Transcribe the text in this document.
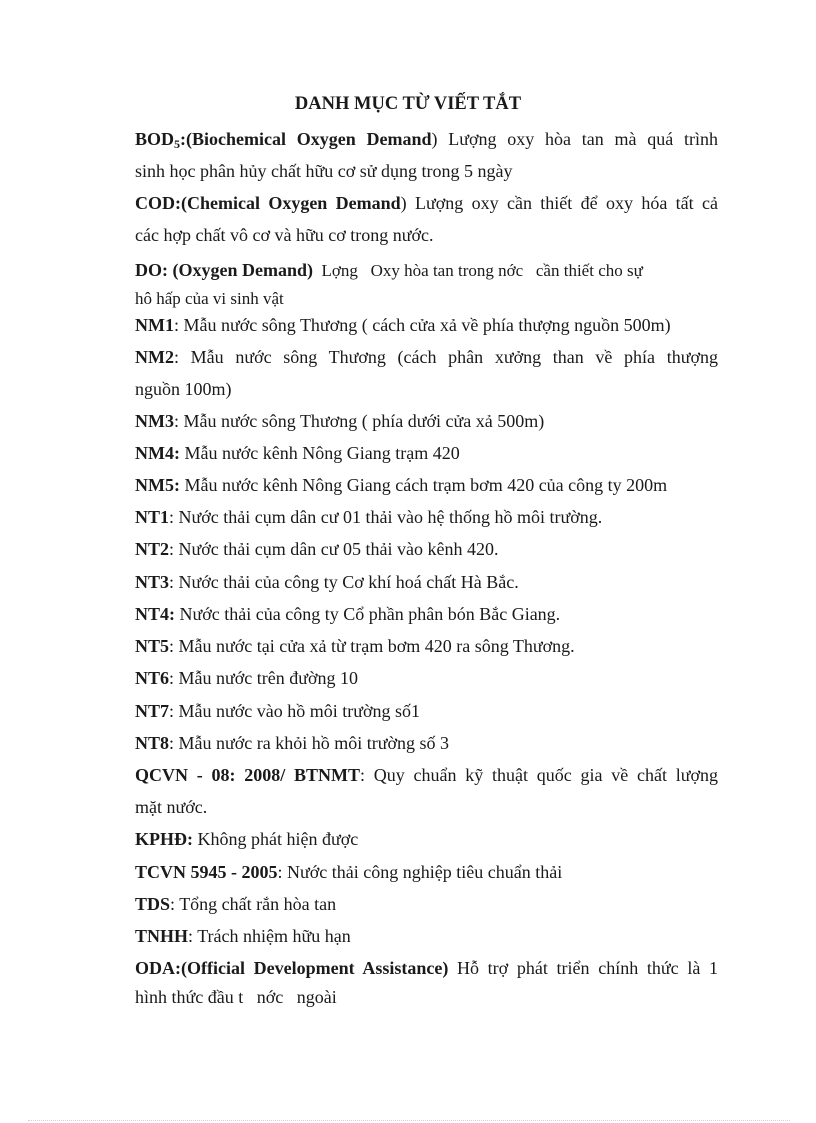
DANH MỤC TỪ VIẾT TẮT
$BOD_5:(Biochemical$ Oxygen Demand) Lượng oxy hòa tan mà quá trình
sinh học phân hủy chất hữu cơ sử dụng trong 5 ngày
COD:(Chemical Oxygen Demand) Lượng oxy cần thiết để oxy hóa tất cả
các hợp chất vô cơ và hữu cơ trong nước.
DO: (Oxygen Demand)  Lợng   Oxy hòa tan trong nớc   cần thiết cho sự
hô hấp của vi sinh vật
NM1: Mẫu nước sông Thương ( cách cửa xả về phía thượng nguồn 500m)
NM2: Mẫu nước sông Thương (cách phân xưởng than về phía thượng
nguồn 100m)
NM3: Mẫu nước sông Thương ( phía dưới cửa xả 500m)
NM4: Mẫu nước kênh Nông Giang trạm 420
NM5: Mẫu nước kênh Nông Giang cách trạm bơm 420 của công ty 200m
NT1: Nước thải cụm dân cư 01 thải vào hệ thống hồ môi trường.
NT2: Nước thải cụm dân cư 05 thải vào kênh 420.
NT3: Nước thải của công ty Cơ khí hoá chất Hà Bắc.
NT4: Nước thải của công ty Cổ phần phân bón Bắc Giang.
NT5: Mẫu nước tại cửa xả từ trạm bơm 420 ra sông Thương.
NT6: Mẫu nước trên đường 10
NT7: Mẫu nước vào hồ môi trường số1
NT8: Mẫu nước ra khỏi hồ môi trường số 3
QCVN - 08: 2008/ BTNMT: Quy chuẩn kỹ thuật quốc gia về chất lượng
mặt nước.
KPHĐ: Không phát hiện được
TCVN 5945 - 2005: Nước thải công nghiệp tiêu chuẩn thải
TDS: Tổng chất rắn hòa tan
TNHH: Trách nhiệm hữu hạn
ODA:(Official Development Assistance) Hỗ trợ phát triển chính thức là 1
hình thức đầu t   nớc   ngoài
